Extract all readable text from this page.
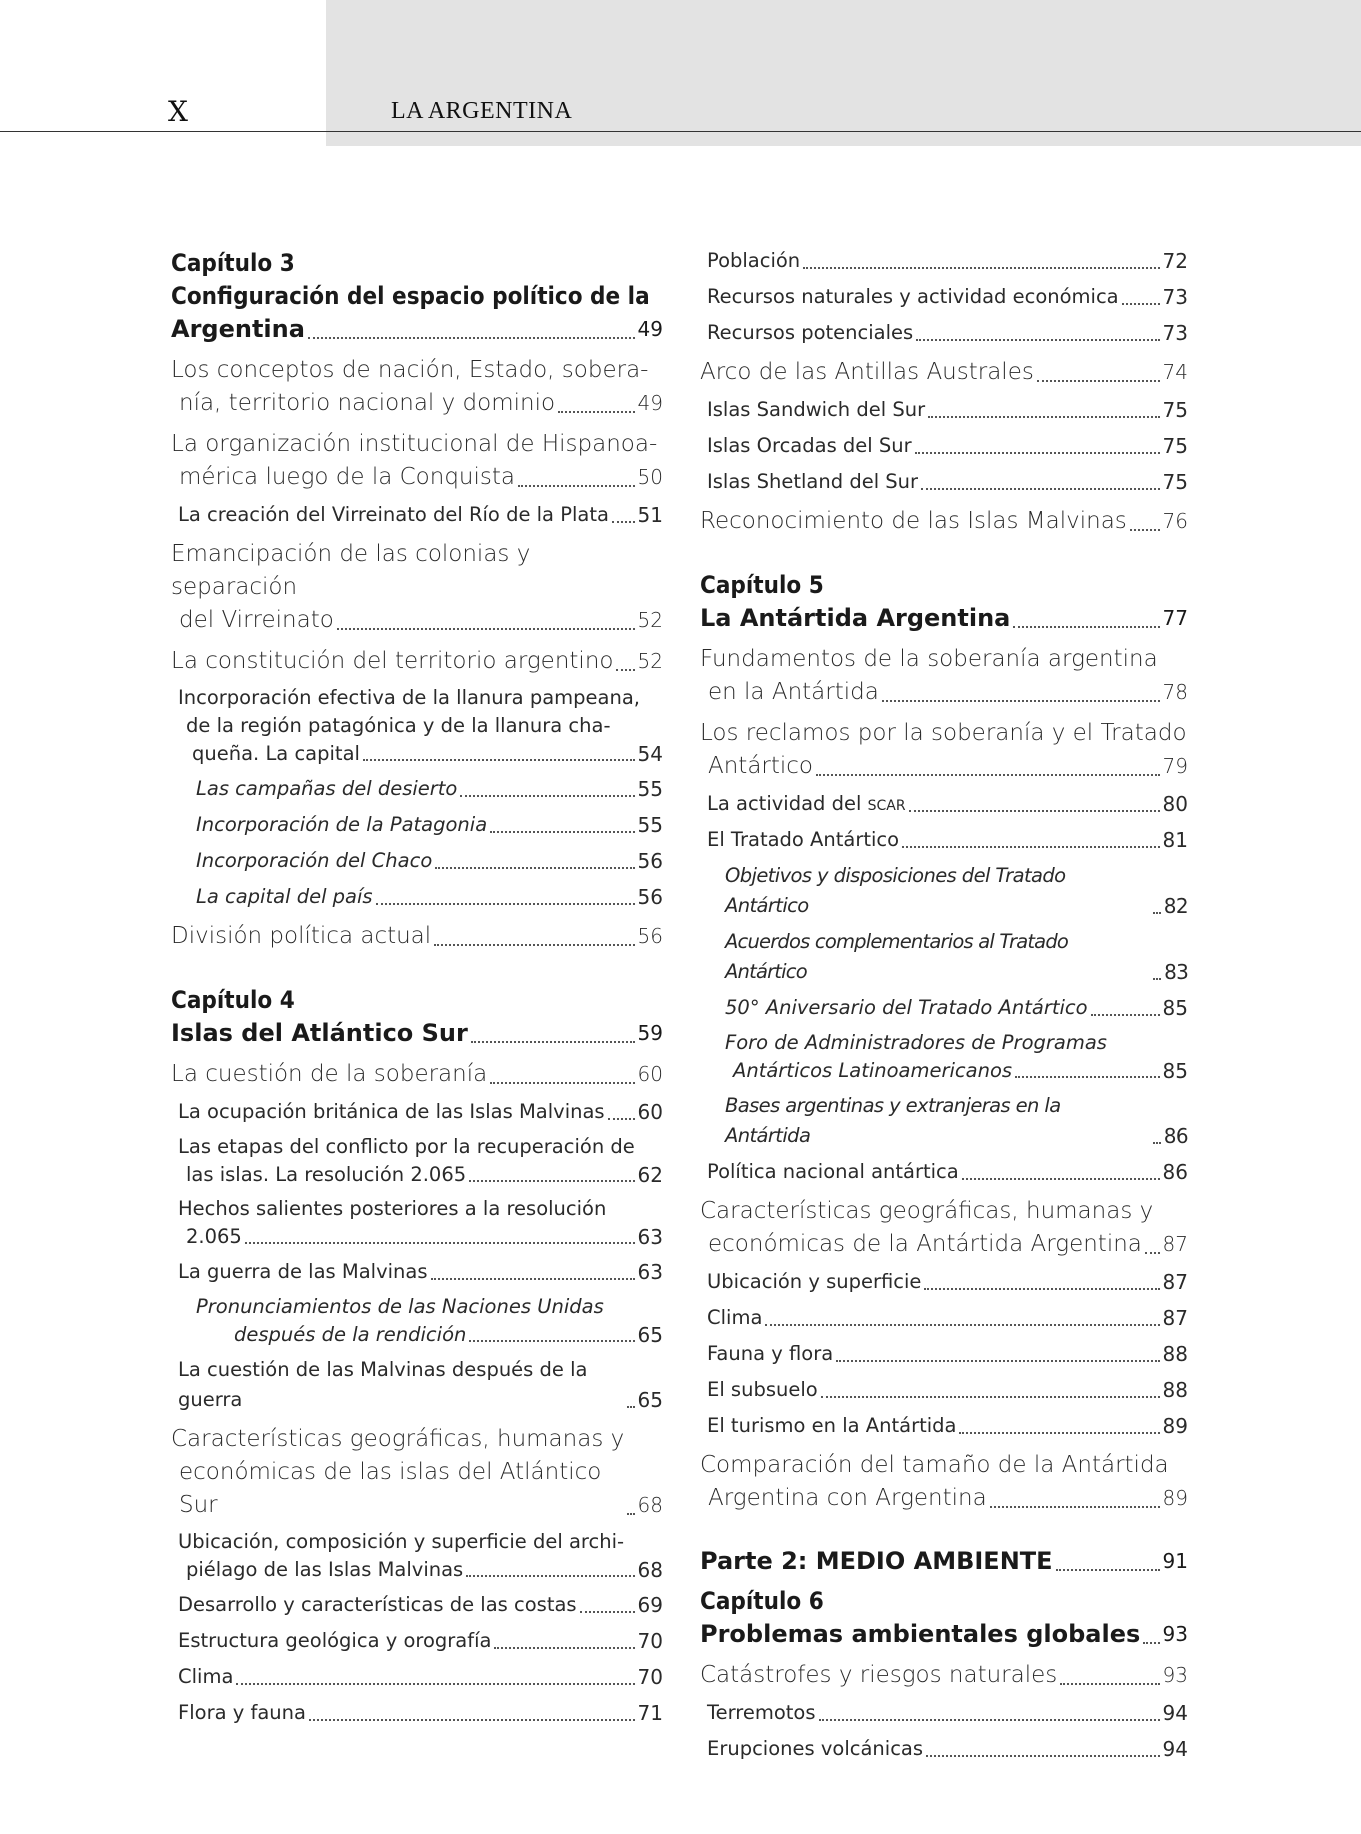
X	LA ARGENTINA
Capítulo 3
Configuración del espacio político de la
Argentina	49
Los conceptos de nación, Estado, sobera-
nía, territorio nacional y dominio	49
La organización institucional de Hispanoa-
mérica luego de la Conquista	50
La creación del Virreinato del Río de la Plata 51
Emancipación de las colonias y separación
del Virreinato	52
La constitución del territorio argentino 52
Incorporación efectiva de la llanura pampeana,
de la región patagónica y de la llanura cha-
queña. La capital	54
Las campañas del desierto	55
Incorporación de la Patagonia	55
Incorporación del Chaco	56
La capital del país	56
División política actual	56
Capítulo 4
Islas del Atlántico Sur	59
La cuestión de la soberanía	60
La ocupación británica de las Islas Malvinas 60
Las etapas del conflicto por la recuperación de
las islas. La resolución 2.065	62
Hechos salientes posteriores a la resolución
2.065	63
La guerra de las Malvinas	63
Pronunciamientos de las Naciones Unidas
después de la rendición	65
La cuestión de las Malvinas después de la guerra	65
Características geográficas, humanas y
económicas de las islas del Atlántico Sur	68
Ubicación, composición y superficie del archi-
piélago de las Islas Malvinas	68
Desarrollo y características de las costas	69
Estructura geológica y orografía	70
Clima	70
Flora y fauna	71
Población	72
Recursos naturales y actividad económica 73
Recursos potenciales	73
Arco de las Antillas Australes	74
Islas Sandwich del Sur	75
Islas Orcadas del Sur	75
Islas Shetland del Sur	75
Reconocimiento de las Islas Malvinas 76
Capítulo 5
La Antártida Argentina	77
Fundamentos de la soberanía argentina
en la Antártida	78
Los reclamos por la soberanía y el Tratado
Antártico	79
La actividad del scar	80
El Tratado Antártico	81
Objetivos y disposiciones del Tratado Antártico	82
Acuerdos complementarios al Tratado Antártico	83
50° Aniversario del Tratado Antártico	85
Foro de Administradores de Programas
Antárticos Latinoamericanos	85
Bases argentinas y extranjeras en la Antártida	86
Política nacional antártica	86
Características geográficas, humanas y
económicas de la Antártida Argentina 87
Ubicación y superficie	87
Clima	87
Fauna y flora	88
El subsuelo	88
El turismo en la Antártida	89
Comparación del tamaño de la Antártida
Argentina con Argentina	89
Parte 2: MEDIO AMBIENTE	91
Capítulo 6
Problemas ambientales globales 93
Catástrofes y riesgos naturales	93
Terremotos	94
Erupciones volcánicas	94
